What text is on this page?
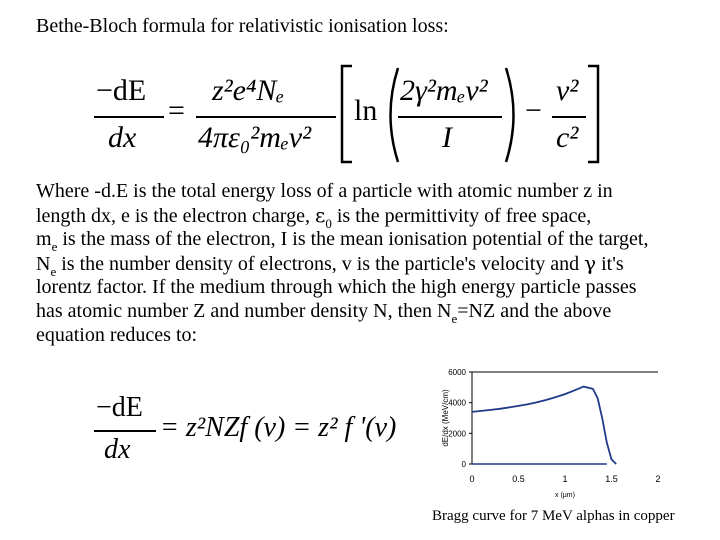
Bethe-Bloch formula for relativistic ionisation loss:
−dE
dx
=
z²e⁴Nₑ
4πε₀²mₑv²
ln
2γ²mₑv²
I
−
v²
c²
Where -d.E is the total energy loss of a particle with atomic number z in
length dx, e is the electron charge, $\varepsilon_0$ is the permittivity of free space,
$m_e$ is the mass of the electron, I is the mean ionisation potential of the target,
$N_e$ is the number density of electrons, v is the particle's velocity and γ it's
lorentz factor. If the medium through which the high energy particle passes
has atomic number Z and number density N, then $N_e=NZ$ and the above
equation reduces to:
−dE
dx
= z²NZf (v) = z² f '(v)
0
2000
4000
6000
0	0.5	1	1.5	2
dE/dx (MeV/cm)
x (μm)
Bragg curve for 7 MeV alphas in copper
